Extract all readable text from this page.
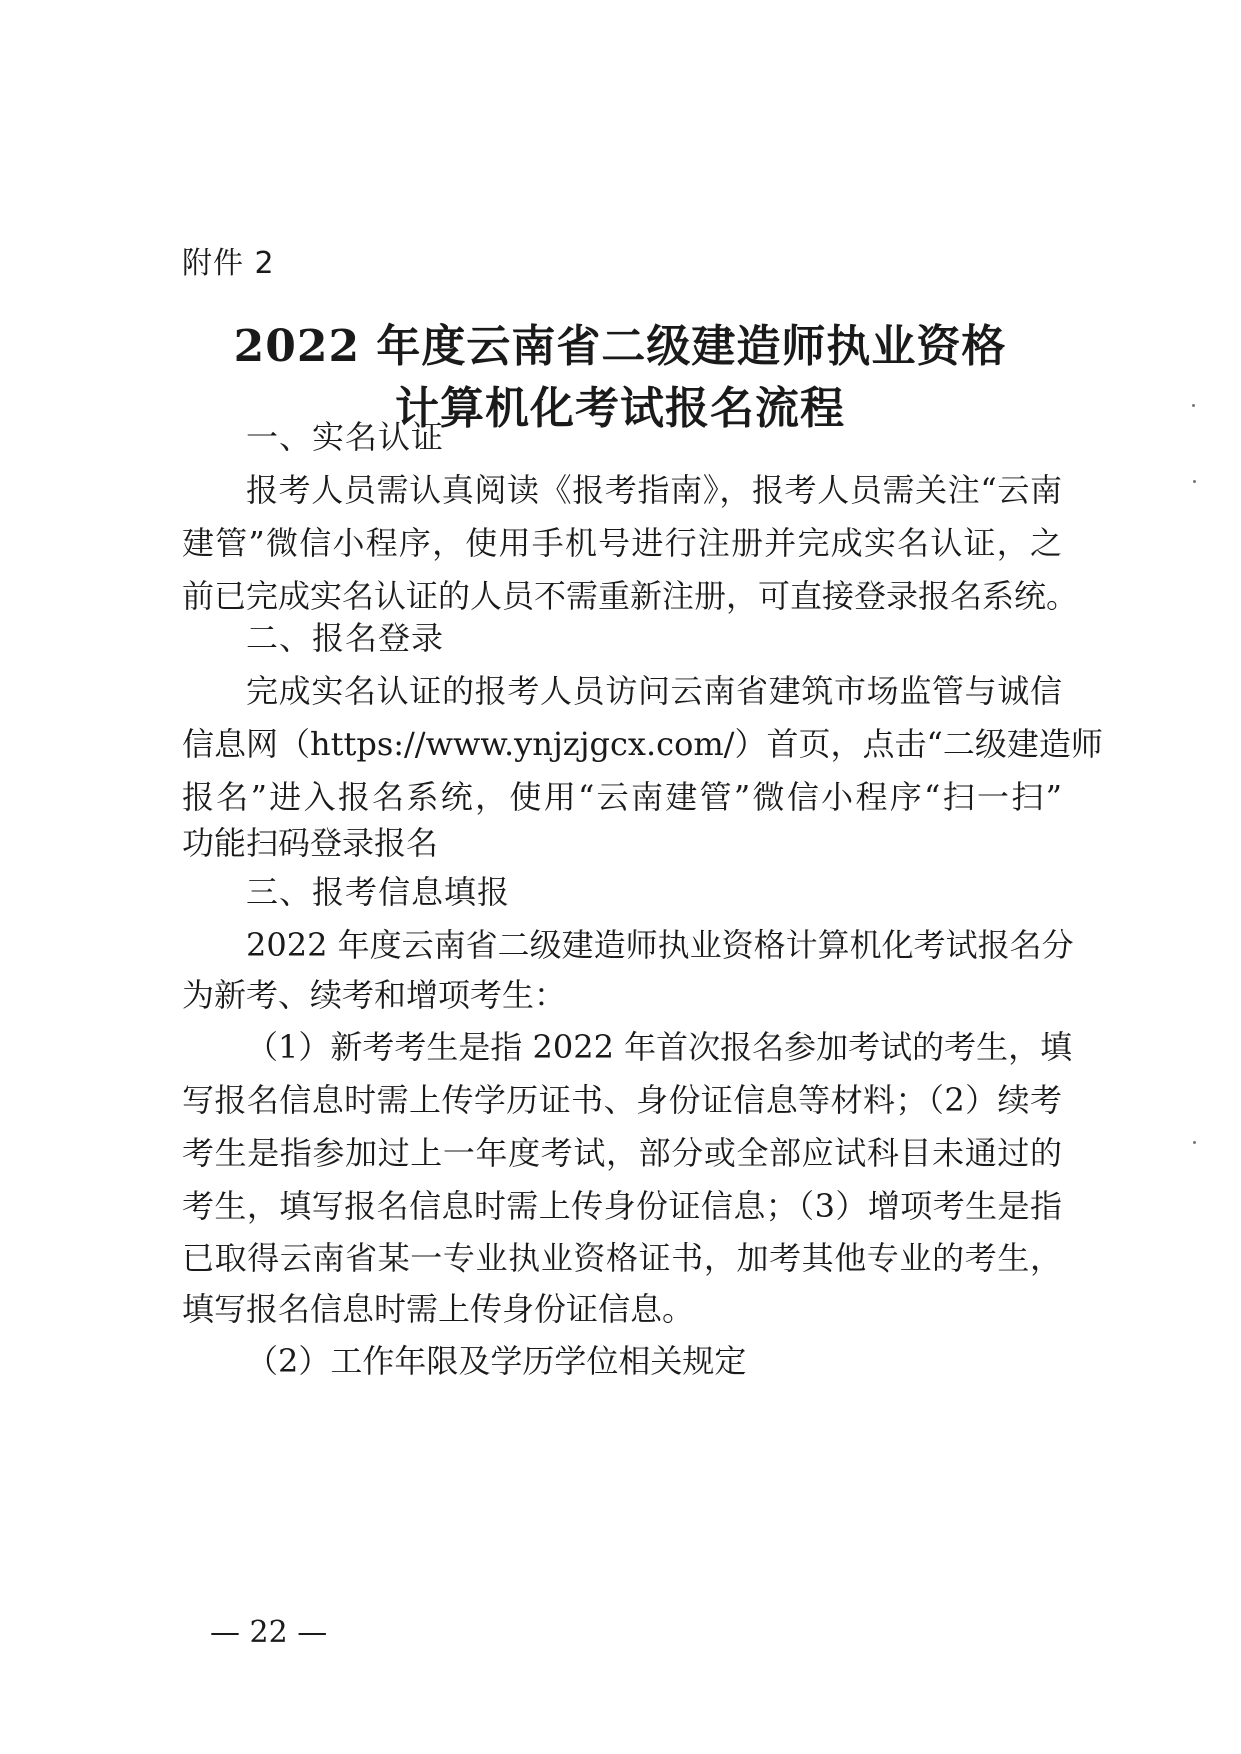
附件 2
2022 年度云南省二级建造师执业资格
计算机化考试报名流程
一、实名认证
报考人员需认真阅读《报考指南》，报考人员需关注“云南
建管”微信小程序，使用手机号进行注册并完成实名认证，之
前已完成实名认证的人员不需重新注册，可直接登录报名系统。
二、报名登录
完成实名认证的报考人员访问云南省建筑市场监管与诚信
信息网（https://www.ynjzjgcx.com/）首页，点击“二级建造师
报名”进入报名系统，使用“云南建管”微信小程序“扫一扫”
功能扫码登录报名
三、报考信息填报
2022 年度云南省二级建造师执业资格计算机化考试报名分
为新考、续考和增项考生：
（1）新考考生是指 2022 年首次报名参加考试的考生，填
写报名信息时需上传学历证书、身份证信息等材料；（2）续考
考生是指参加过上一年度考试，部分或全部应试科目未通过的
考生，填写报名信息时需上传身份证信息；（3）增项考生是指
已取得云南省某一专业执业资格证书，加考其他专业的考生，
填写报名信息时需上传身份证信息。
（2）工作年限及学历学位相关规定
— 22 —
